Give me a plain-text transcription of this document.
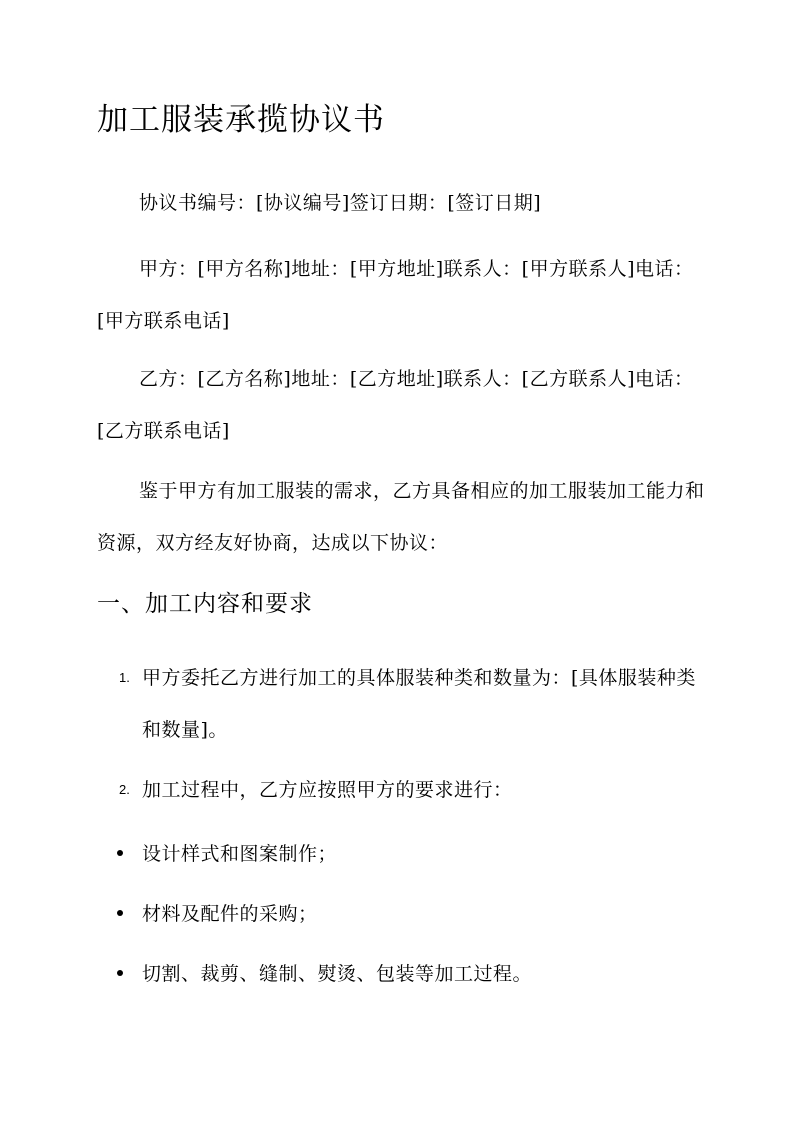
加工服装承揽协议书

协议书编号：[协议编号]签订日期：[签订日期]

甲方：[甲方名称]地址：[甲方地址]联系人：[甲方联系人]电话：[甲方联系电话]

乙方：[乙方名称]地址：[乙方地址]联系人：[乙方联系人]电话：[乙方联系电话]

鉴于甲方有加工服装的需求，乙方具备相应的加工服装加工能力和资源，双方经友好协商，达成以下协议：

一、加工内容和要求
1. 甲方委托乙方进行加工的具体服装种类和数量为：[具体服装种类和数量]。

2. 加工过程中，乙方应按照甲方的要求进行：

设计样式和图案制作；

材料及配件的采购；

切割、裁剪、缝制、熨烫、包装等加工过程。
